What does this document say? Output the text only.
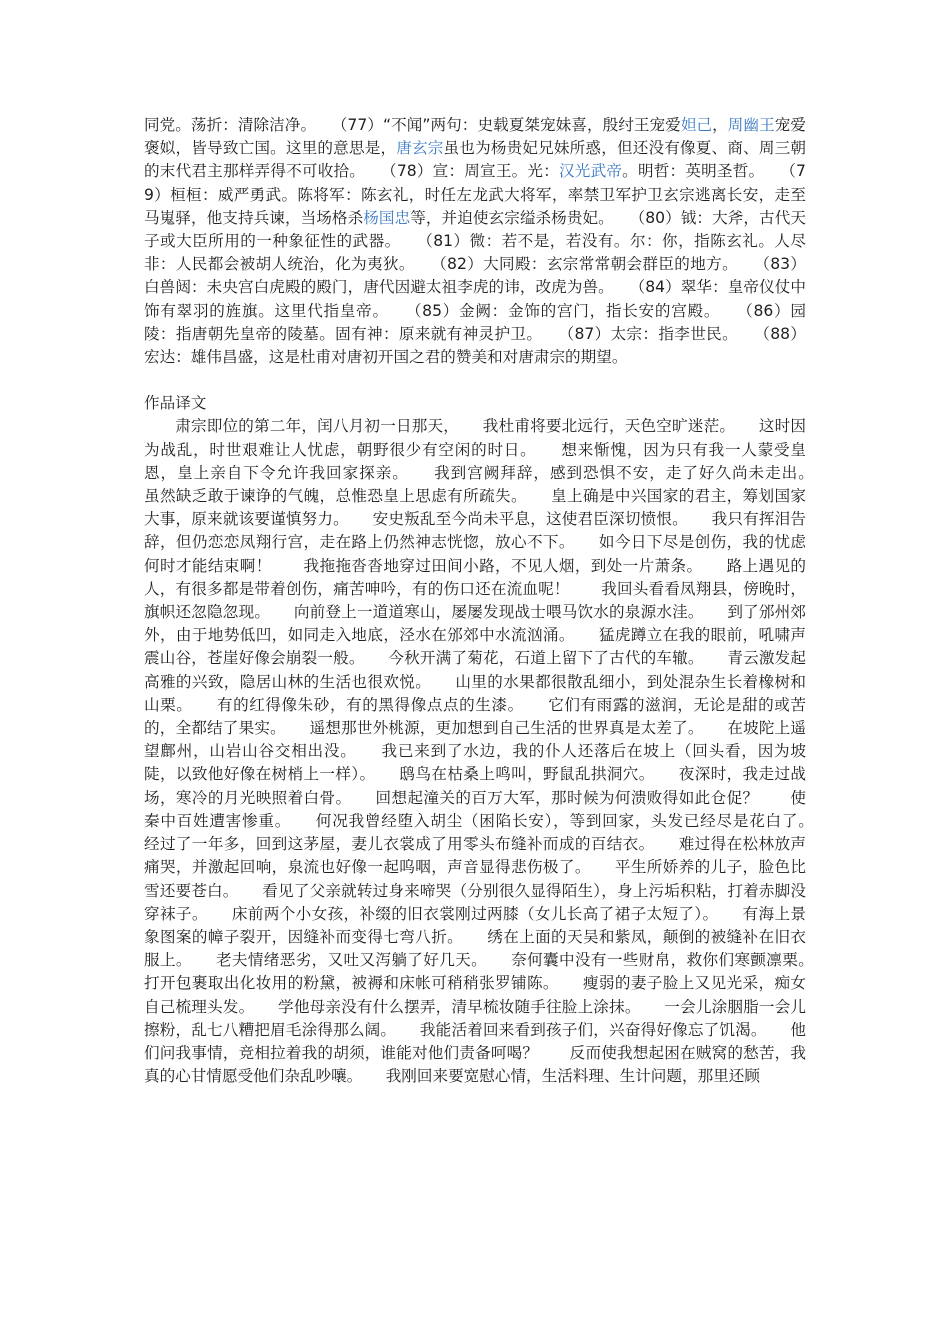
同党。荡折：清除洁净。　　（77）“不闻”两句：史载夏桀宠妹喜，殷纣王宠爱妲己，周幽王宠爱褒姒，皆导致亡国。这里的意思是，唐玄宗虽也为杨贵妃兄妹所惑，但还没有像夏、商、周三朝的末代君主那样弄得不可收拾。　　（78）宣：周宣王。光：汉光武帝。明哲：英明圣哲。　　（79）桓桓：威严勇武。陈将军：陈玄礼，时任左龙武大将军，率禁卫军护卫玄宗逃离长安，走至马嵬驿，他支持兵谏，当场格杀杨国忠等，并迫使玄宗缢杀杨贵妃。　　（80）钺：大斧，古代天子或大臣所用的一种象征性的武器。　　（81）微：若不是，若没有。尔：你，指陈玄礼。人尽非：人民都会被胡人统治，化为夷狄。　　（82）大同殿：玄宗常常朝会群臣的地方。　　（83）白兽闼：未央宫白虎殿的殿门，唐代因避太祖李虎的讳，改虎为兽。　　（84）翠华：皇帝仪仗中饰有翠羽的旌旗。这里代指皇帝。　　（85）金阙：金饰的宫门，指长安的宫殿。　　（86）园陵：指唐朝先皇帝的陵墓。固有神：原来就有神灵护卫。　　（87）太宗：指李世民。　　（88）宏达：雄伟昌盛，这是杜甫对唐初开国之君的赞美和对唐肃宗的期望。

作品译文

肃宗即位的第二年，闰八月初一日那天，　　我杜甫将要北远行，天色空旷迷茫。　　这时因为战乱，时世艰难让人忧虑，朝野很少有空闲的时日。　　想来惭愧，因为只有我一人蒙受皇恩，皇上亲自下令允许我回家探亲。　　我到宫阙拜辞，感到恐惧不安，走了好久尚未走出。　　虽然缺乏敢于谏诤的气魄，总惟恐皇上思虑有所疏失。　　皇上确是中兴国家的君主，筹划国家大事，原来就该要谨慎努力。　　安史叛乱至今尚未平息，这使君臣深切愤恨。　　我只有挥泪告辞，但仍恋恋凤翔行宫，走在路上仍然神志恍惚，放心不下。　　如今日下尽是创伤，我的忧虑何时才能结束啊！　　我拖拖沓沓地穿过田间小路，不见人烟，到处一片萧条。　　路上遇见的人，有很多都是带着创伤，痛苦呻吟，有的伤口还在流血呢！　　我回头看看凤翔县，傍晚时，旗帜还忽隐忽现。　　向前登上一道道寒山，屡屡发现战士喂马饮水的泉源水洼。　　到了邠州郊外，由于地势低凹，如同走入地底，泾水在邠郊中水流汹涌。　　猛虎蹲立在我的眼前，吼啸声震山谷，苍崖好像会崩裂一般。　　今秋开满了菊花，石道上留下了古代的车辙。　　青云激发起高雅的兴致，隐居山林的生活也很欢悦。　　山里的水果都很散乱细小，到处混杂生长着橡树和山栗。　　有的红得像朱砂，有的黑得像点点的生漆。　　它们有雨露的滋润，无论是甜的或苦的，全都结了果实。　　遥想那世外桃源，更加想到自己生活的世界真是太差了。　　在坡陀上遥望鄜州，山岩山谷交相出没。　　我已来到了水边，我的仆人还落后在坡上（回头看，因为坡陡，以致他好像在树梢上一样）。　　鸱鸟在枯桑上鸣叫，野鼠乱拱洞穴。　　夜深时，我走过战场，寒冷的月光映照着白骨。　　回想起潼关的百万大军，那时候为何溃败得如此仓促？　　使秦中百姓遭害惨重。　　何况我曾经堕入胡尘（困陷长安），等到回家，头发已经尽是花白了。　　经过了一年多，回到这茅屋，妻儿衣裳成了用零头布缝补而成的百结衣。　　难过得在松林放声痛哭，并激起回响，泉流也好像一起呜咽，声音显得悲伤极了。　　平生所娇养的儿子，脸色比雪还要苍白。　　看见了父亲就转过身来啼哭（分别很久显得陌生），身上污垢积粘，打着赤脚没穿袜子。　　床前两个小女孩，补缀的旧衣裳刚过两膝（女儿长高了裙子太短了）。　　有海上景象图案的幛子裂开，因缝补而变得七弯八折。　　绣在上面的天吴和紫凤，颠倒的被缝补在旧衣服上。　　老夫情绪恶劣，又吐又泻躺了好几天。　　奈何囊中没有一些财帛，救你们寒颤凛栗。　　打开包裹取出化妆用的粉黛，被褥和床帐可稍稍张罗铺陈。　　瘦弱的妻子脸上又见光采，痴女自己梳理头发。　　学他母亲没有什么摆弄，清早梳妆随手往脸上涂抹。　　一会儿涂胭脂一会儿擦粉，乱七八糟把眉毛涂得那么阔。　　我能活着回来看到孩子们，兴奋得好像忘了饥渴。　　他们问我事情，竞相拉着我的胡须，谁能对他们责备呵喝？　　反而使我想起困在贼窝的愁苦，我真的心甘情愿受他们杂乱吵嚷。　　我刚回来要宽慰心情，生活料理、生计问题，那里还顾
